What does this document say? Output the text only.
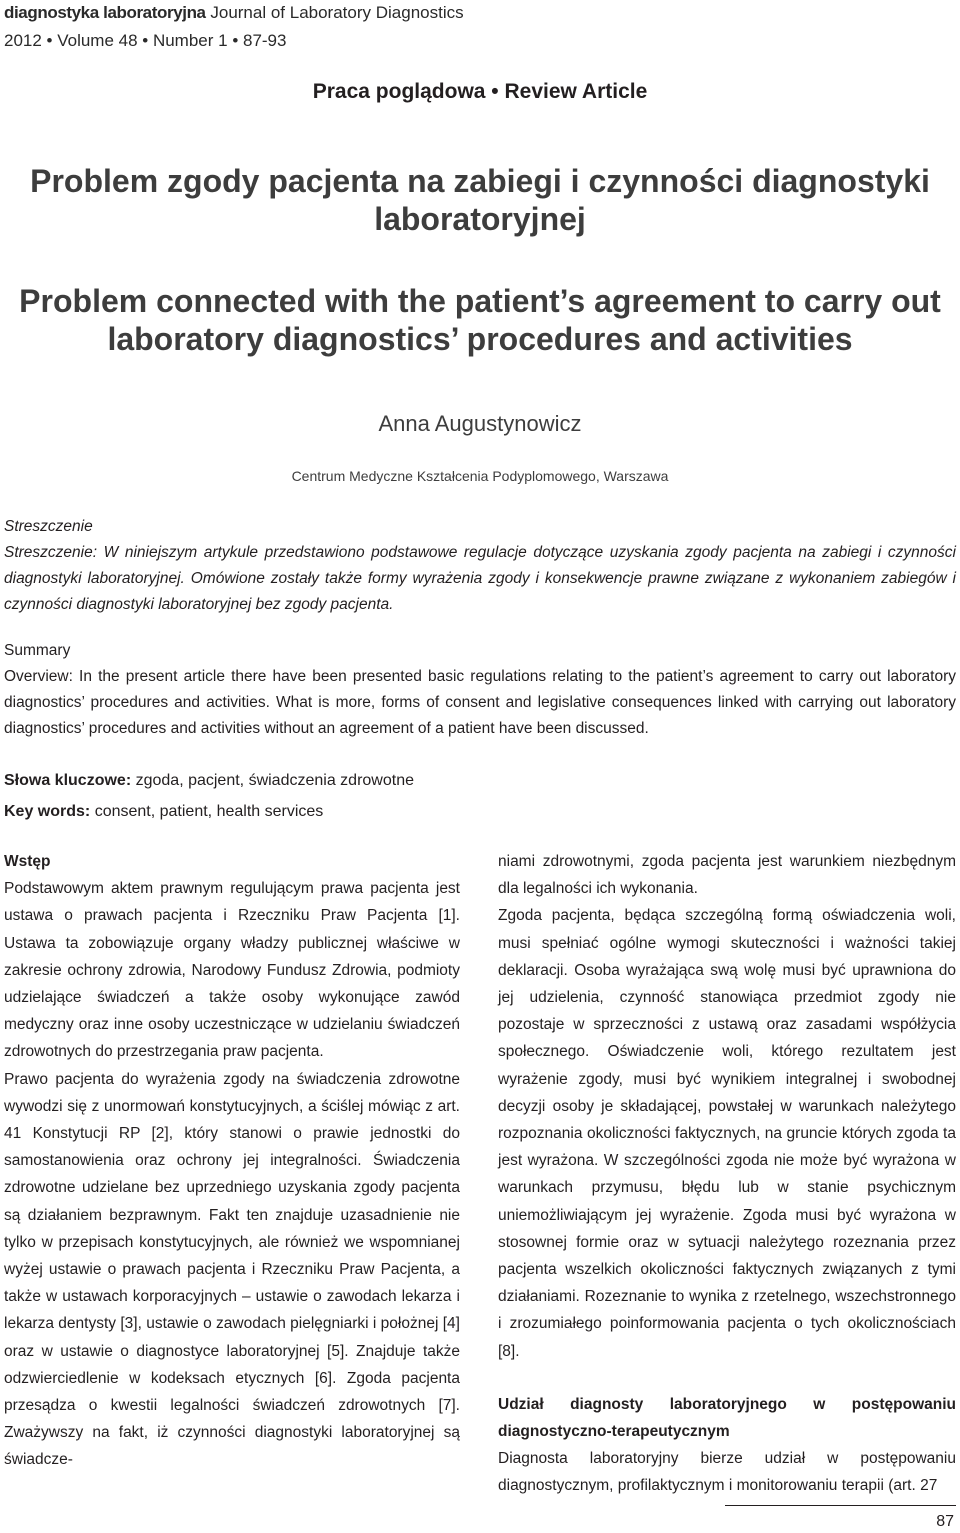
diagnostyka laboratoryjna Journal of Laboratory Diagnostics
2012 • Volume 48 • Number 1 • 87-93
Praca poglądowa • Review Article
Problem zgody pacjenta na zabiegi i czynności diagnostyki laboratoryjnej
Problem connected with the patient’s agreement to carry out laboratory diagnostics’ procedures and activities
Anna Augustynowicz
Centrum Medyczne Kształcenia Podyplomowego, Warszawa
Streszczenie
Streszczenie: W niniejszym artykule przedstawiono podstawowe regulacje dotyczące uzyskania zgody pacjenta na zabiegi i czynności diagnostyki laboratoryjnej. Omówione zostały także formy wyrażenia zgody i konsekwencje prawne związane z wykonaniem zabiegów i czynności diagnostyki laboratoryjnej bez zgody pacjenta.
Summary
Overview: In the present article there have been presented basic regulations relating to the patient’s agreement to carry out laboratory diagnostics’ procedures and activities. What is more, forms of consent and legislative consequences linked with carrying out laboratory diagnostics’ procedures and activities without an agreement of a patient have been discussed.
Słowa kluczowe: zgoda, pacjent, świadczenia zdrowotne
Key words: consent, patient, health services

Wstęp

Podstawowym aktem prawnym regulującym prawa pacjenta jest ustawa o prawach pacjenta i Rzeczniku Praw Pacjenta [1]. Ustawa ta zobowiązuje organy władzy publicznej właściwe w zakresie ochrony zdrowia, Narodowy Fundusz Zdrowia, podmioty udzielające świadczeń a także osoby wykonujące zawód medyczny oraz inne osoby uczestniczące w udzielaniu świadczeń zdrowotnych do przestrzegania praw pacjenta.

Prawo pacjenta do wyrażenia zgody na świadczenia zdrowotne wywodzi się z unormowań konstytucyjnych, a ściślej mówiąc z art. 41 Konstytucji RP [2], który stanowi o prawie jednostki do samostanowienia oraz ochrony jej integralności. Świadczenia zdrowotne udzielane bez uprzedniego uzyskania zgody pacjenta są działaniem bezprawnym. Fakt ten znajduje uzasadnienie nie tylko w przepisach konstytucyjnych, ale również we wspomnianej wyżej ustawie o prawach pacjenta i Rzeczniku Praw Pacjenta, a także w ustawach korporacyjnych – ustawie o zawodach lekarza i lekarza dentysty [3], ustawie o zawodach pielęgniarki i położnej [4] oraz w ustawie o diagnostyce laboratoryjnej [5]. Znajduje także odzwierciedlenie w kodeksach etycznych [6]. Zgoda pacjenta przesądza o kwestii legalności świadczeń zdrowotnych [7]. Zważywszy na fakt, iż czynności diagnostyki laboratoryjnej są świadcze-

niami zdrowotnymi, zgoda pacjenta jest warunkiem niezbędnym dla legalności ich wykonania.

Zgoda pacjenta, będąca szczególną formą oświadczenia woli, musi spełniać ogólne wymogi skuteczności i ważności takiej deklaracji. Osoba wyrażająca swą wolę musi być uprawniona do jej udzielenia, czynność stanowiąca przedmiot zgody nie pozostaje w sprzeczności z ustawą oraz zasadami współżycia społecznego. Oświadczenie woli, którego rezultatem jest wyrażenie zgody, musi być wynikiem integralnej i swobodnej decyzji osoby je składającej, powstałej w warunkach należytego rozpoznania okoliczności faktycznych, na gruncie których zgoda ta jest wyrażona. W szczególności zgoda nie może być wyrażona w warunkach przymusu, błędu lub w stanie psychicznym uniemożliwiającym jej wyrażenie. Zgoda musi być wyrażona w stosownej formie oraz w sytuacji należytego rozeznania przez pacjenta wszelkich okoliczności faktycznych związanych z tymi działaniami. Rozeznanie to wynika z rzetelnego, wszechstronnego i zrozumiałego poinformowania pacjenta o tych okolicznościach [8].

Udział diagnosty laboratoryjnego w postępowaniu diagnostyczno-terapeutycznym

Diagnosta laboratoryjny bierze udział w postępowaniu diagnostycznym, profilaktycznym i monitorowaniu terapii (art. 27

87
